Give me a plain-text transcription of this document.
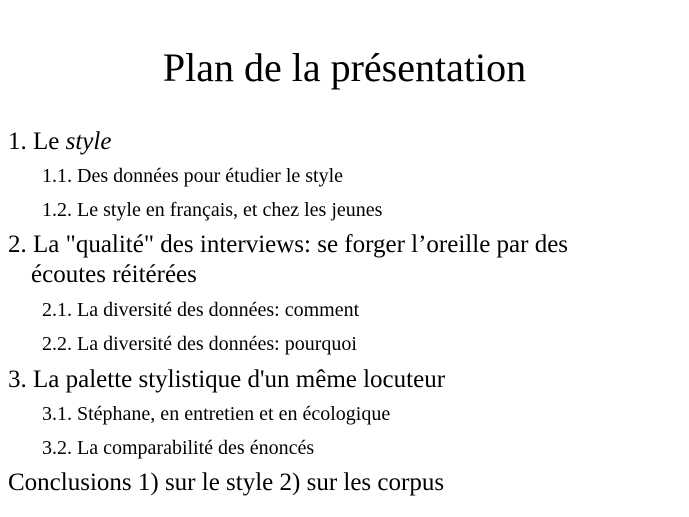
Plan de la présentation
1. Le style
1.1. Des données pour étudier le style
1.2. Le style en français, et chez les jeunes
2. La "qualité" des interviews: se forger l’oreille par des
écoutes réitérées
2.1. La diversité des données: comment
2.2. La diversité des données: pourquoi
3. La palette stylistique d'un même locuteur
3.1. Stéphane, en entretien et en écologique
3.2. La comparabilité des énoncés
Conclusions 1) sur le style 2) sur les corpus
